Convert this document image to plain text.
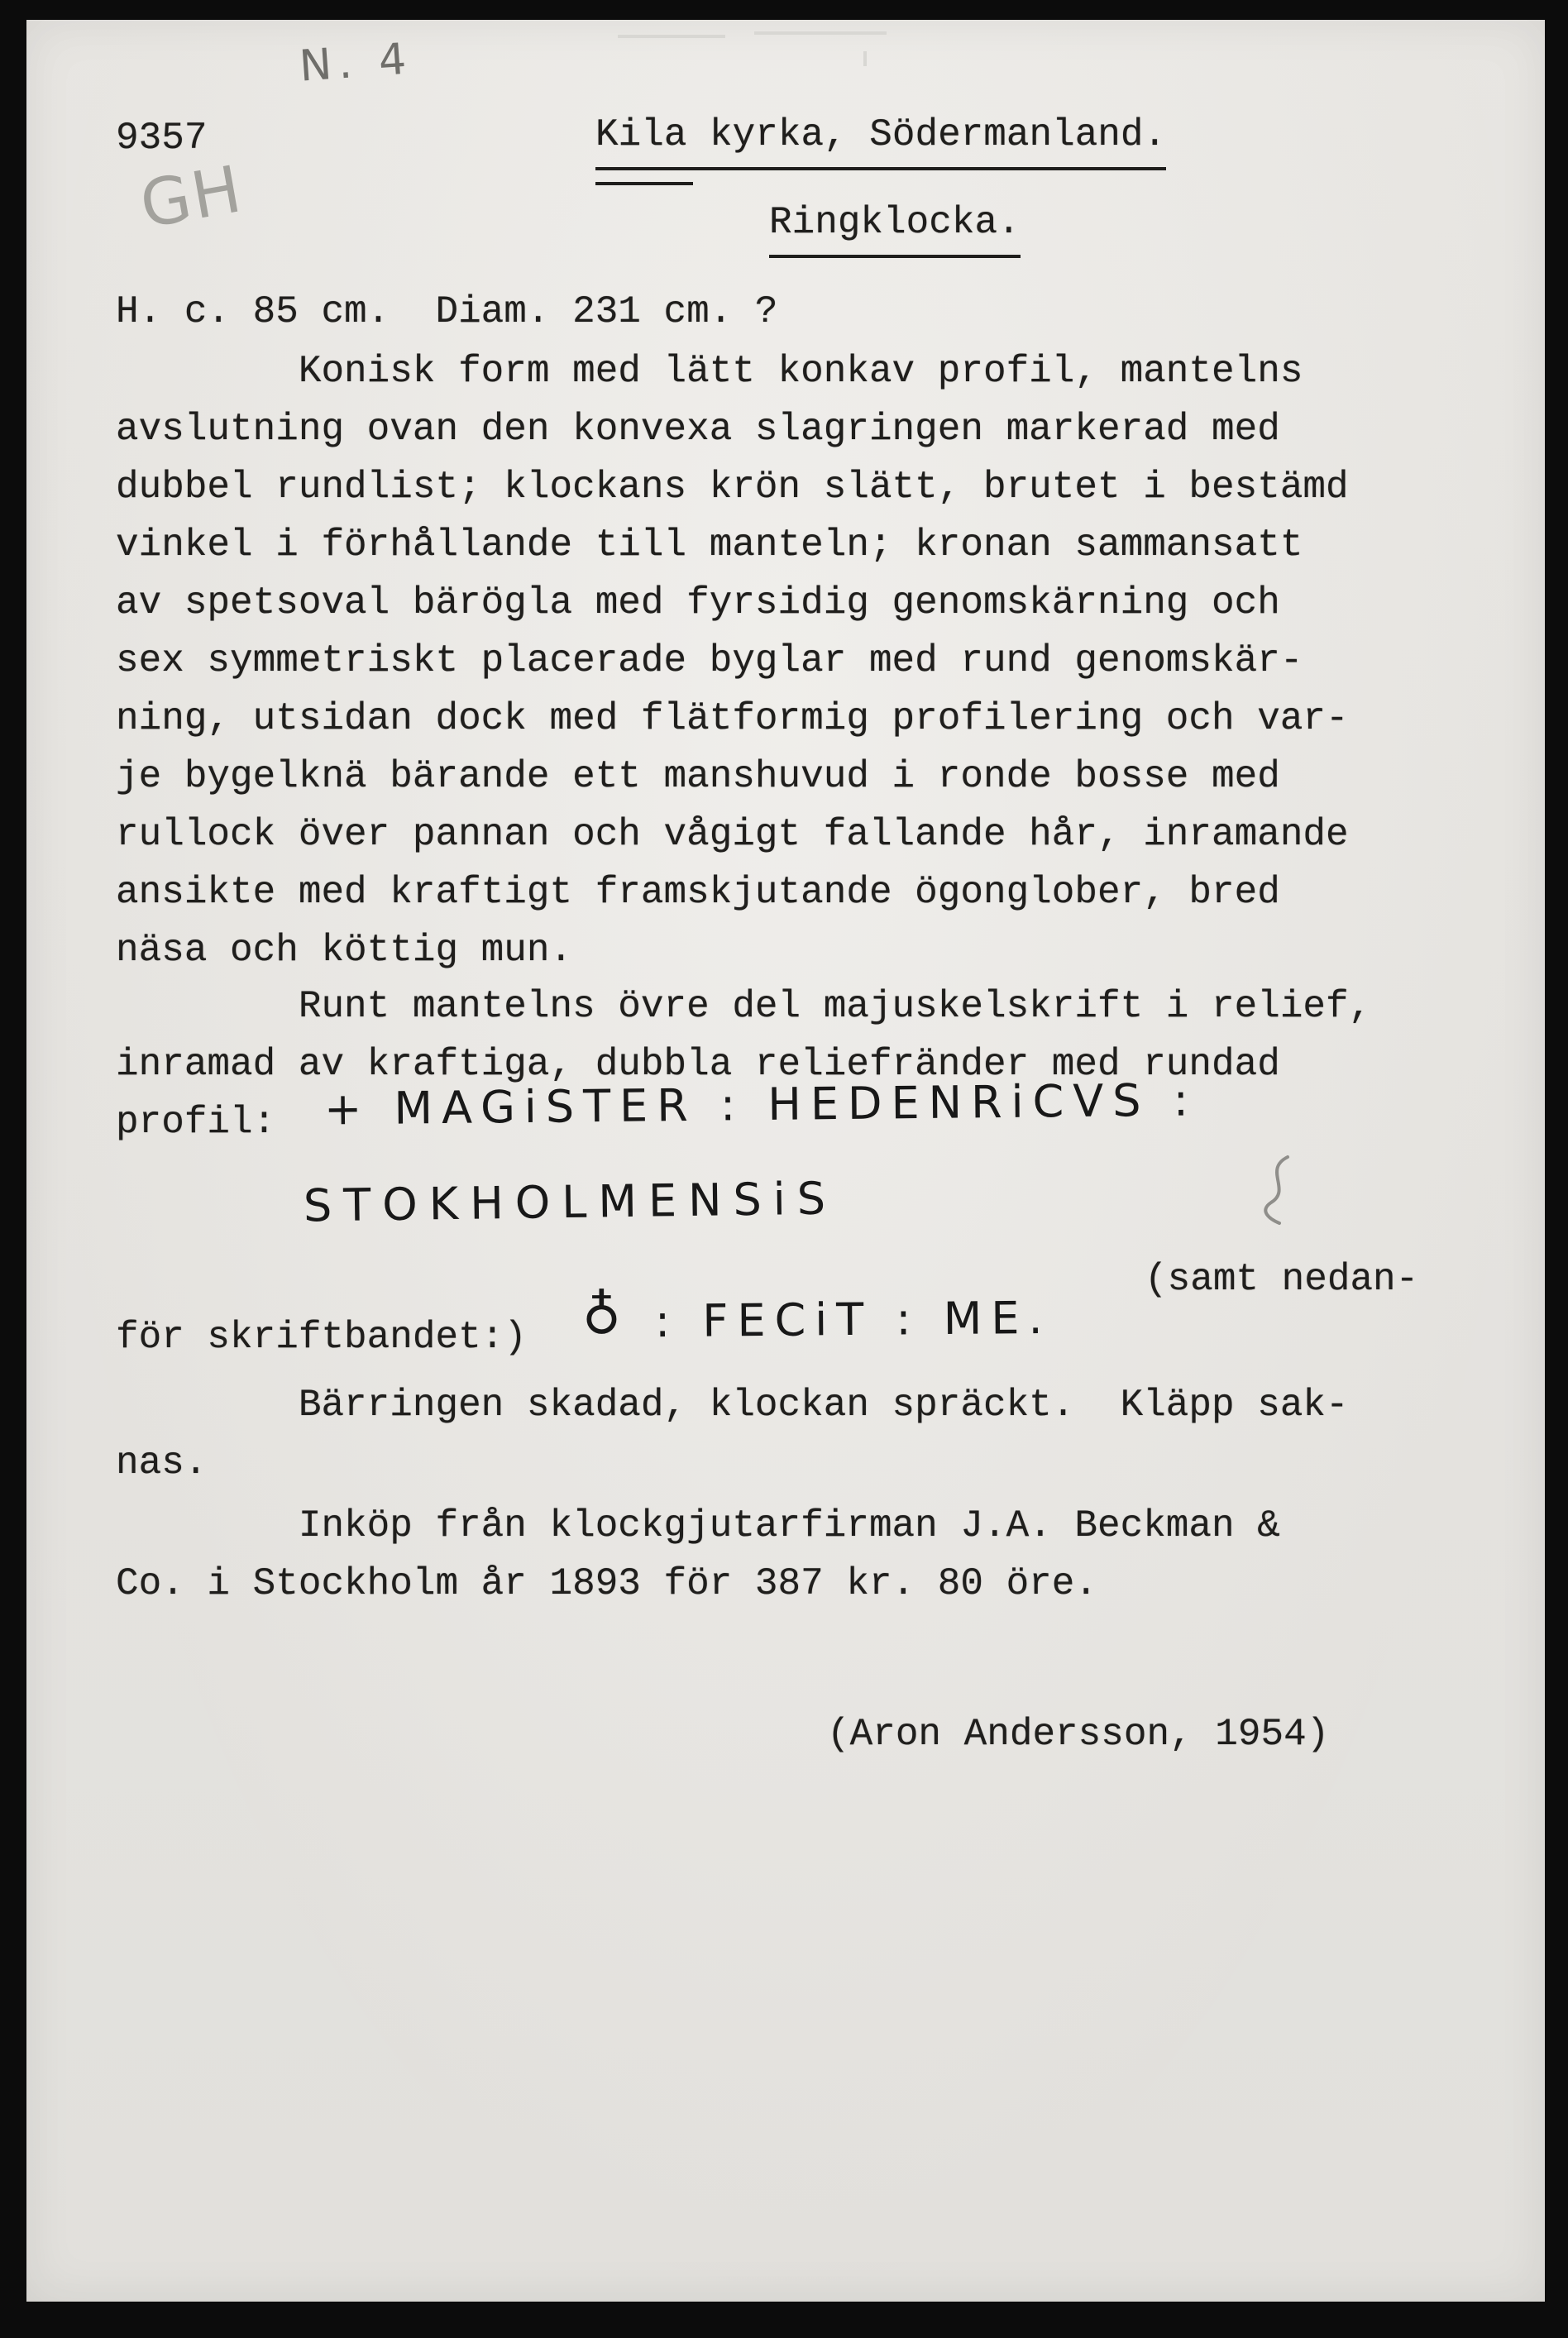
9357
N. 4
GH
Kila kyrka, Södermanland.
Ringklocka.
H. c. 85 cm.  Diam. 231 cm. ?
Konisk form med lätt konkav profil, mantelns
avslutning ovan den konvexa slagringen markerad med
dubbel rundlist; klockans krön slätt, brutet i bestämd
vinkel i förhållande till manteln; kronan sammansatt
av spetsoval bärögla med fyrsidig genomskärning och
sex symmetriskt placerade byglar med rund genomskär-
ning, utsidan dock med flätformig profilering och var-
je bygelknä bärande ett manshuvud i ronde bosse med
rullock över pannan och vågigt fallande hår, inramande
ansikte med kraftigt framskjutande ögonglober, bred
näsa och köttig mun.
Runt mantelns övre del majuskelskrift i relief,
inramad av kraftiga, dubbla reliefränder med rundad
profil: + MAGiSTER : HEDENRiCVS :
STOKHOLMENSiS
(samt nedan-
för skriftbandet:) ♁ : FECiT : ME.
Bärringen skadad, klockan spräckt.  Kläpp sak-
nas.
Inköp från klockgjutarfirman J.A. Beckman &
Co. i Stockholm år 1893 för 387 kr. 80 öre.
(Aron Andersson, 1954)
